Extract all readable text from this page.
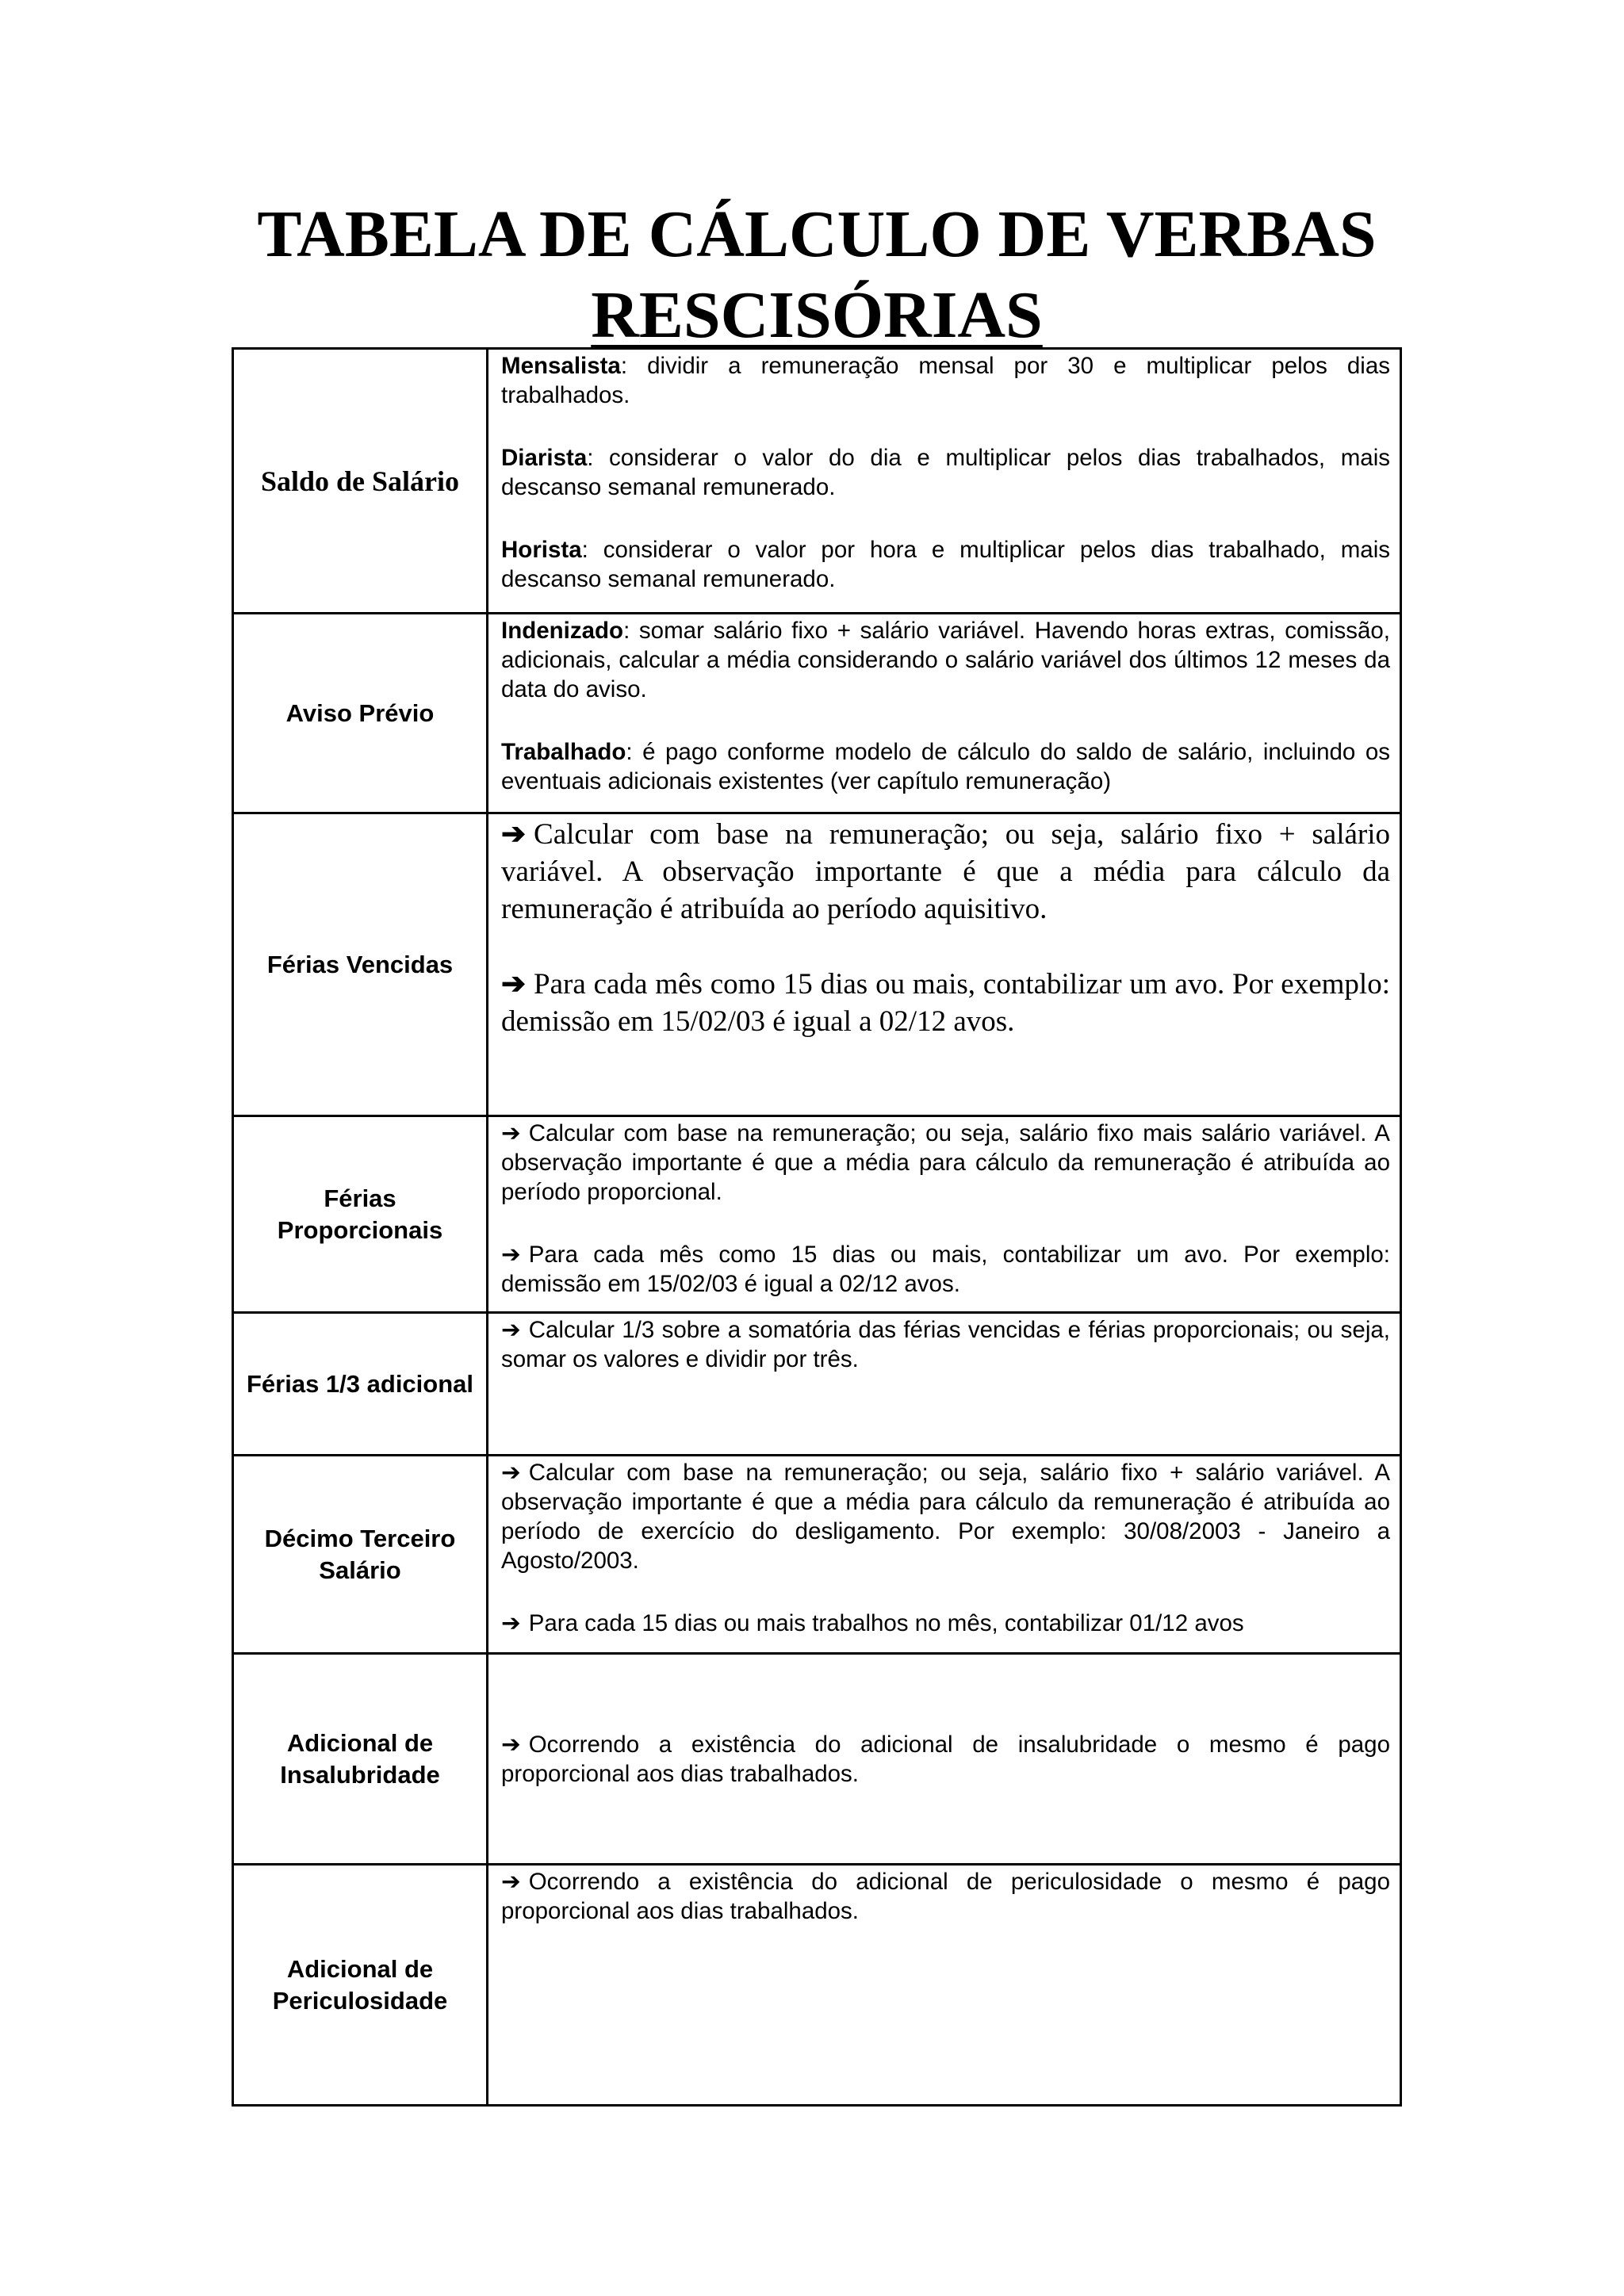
TABELA DE CÁLCULO DE VERBAS
RESCISÓRIAS
Saldo de Salário	Mensalista: dividir a remuneração mensal por 30 e multiplicar pelos dias trabalhados.

Diarista: considerar o valor do dia e multiplicar pelos dias trabalhados, mais descanso semanal remunerado.

Horista: considerar o valor por hora e multiplicar pelos dias trabalhado, mais descanso semanal remunerado.

Aviso Prévio	Indenizado: somar salário fixo + salário variável. Havendo horas extras, comissão, adicionais, calcular a média considerando o salário variável dos últimos 12 meses da data do aviso.

Trabalhado: é pago conforme modelo de cálculo do saldo de salário, incluindo os eventuais adicionais existentes (ver capítulo remuneração)

Férias Vencidas	➔ Calcular com base na remuneração; ou seja, salário fixo + salário variável. A observação importante é que a média para cálculo da remuneração é atribuída ao período aquisitivo.

➔ Para cada mês como 15 dias ou mais, contabilizar um avo. Por exemplo: demissão em 15/02/03 é igual a 02/12 avos.

Férias Proporcionais	➔ Calcular com base na remuneração; ou seja, salário fixo mais salário variável. A observação importante é que a média para cálculo da remuneração é atribuída ao período proporcional.

➔ Para cada mês como 15 dias ou mais, contabilizar um avo. Por exemplo: demissão em 15/02/03 é igual a 02/12 avos.

Férias 1/3 adicional	➔ Calcular 1/3 sobre a somatória das férias vencidas e férias proporcionais; ou seja, somar os valores e dividir por três.

Décimo Terceiro Salário	➔ Calcular com base na remuneração; ou seja, salário fixo + salário variável. A observação importante é que a média para cálculo da remuneração é atribuída ao período de exercício do desligamento. Por exemplo: 30/08/2003 - Janeiro a Agosto/2003.

➔ Para cada 15 dias ou mais trabalhos no mês, contabilizar 01/12 avos

Adicional de Insalubridade	➔ Ocorrendo a existência do adicional de insalubridade o mesmo é pago proporcional aos dias trabalhados.

Adicional de Periculosidade	➔ Ocorrendo a existência do adicional de periculosidade o mesmo é pago proporcional aos dias trabalhados.
